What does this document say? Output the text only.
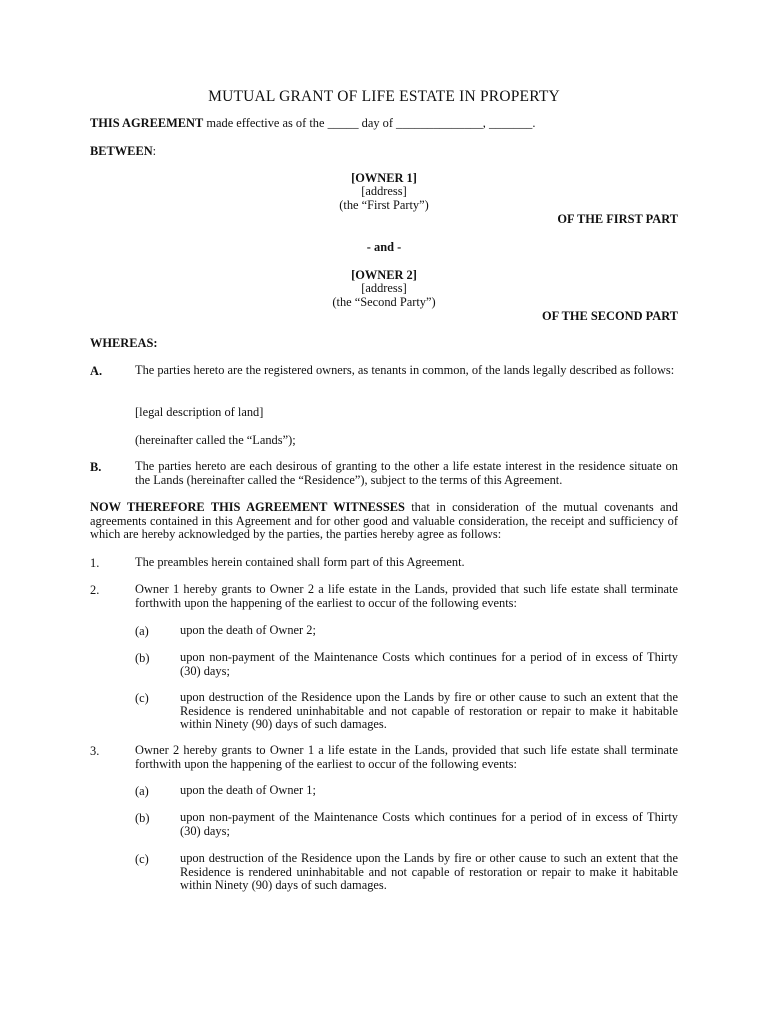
MUTUAL GRANT OF LIFE ESTATE IN PROPERTY
THIS AGREEMENT made effective as of the _____ day of ______________, _______.
BETWEEN:
[OWNER 1]
[address]
(the “First Party”)
OF THE FIRST PART
- and -
[OWNER 2]
[address]
(the “Second Party”)
OF THE SECOND PART
WHEREAS:
A.	The parties hereto are the registered owners, as tenants in common, of the lands legally described as follows:
[legal description of land]
(hereinafter called the “Lands”);
B.	The parties hereto are each desirous of granting to the other a life estate interest in the residence situate on the Lands (hereinafter called the “Residence”), subject to the terms of this Agreement.
NOW THEREFORE THIS AGREEMENT WITNESSES that in consideration of the mutual covenants and agreements contained in this Agreement and for other good and valuable consideration, the receipt and sufficiency of which are hereby acknowledged by the parties, the parties hereby agree as follows:
1.	The preambles herein contained shall form part of this Agreement.
2.	Owner 1 hereby grants to Owner 2 a life estate in the Lands, provided that such life estate shall terminate forthwith upon the happening of the earliest to occur of the following events:
(a)	upon the death of Owner 2;
(b) upon non-payment of the Maintenance Costs which continues for a period of in excess of Thirty (30) days;
(c)	upon destruction of the Residence upon the Lands by fire or other cause to such an extent that the Residence is rendered uninhabitable and not capable of restoration or repair to make it habitable within Ninety (90) days of such damages.
3.	Owner 2 hereby grants to Owner 1 a life estate in the Lands, provided that such life estate shall terminate forthwith upon the happening of the earliest to occur of the following events:
(a)	upon the death of Owner 1;
(b) upon non-payment of the Maintenance Costs which continues for a period of in excess of Thirty (30) days;
(c)	upon destruction of the Residence upon the Lands by fire or other cause to such an extent that the Residence is rendered uninhabitable and not capable of restoration or repair to make it habitable within Ninety (90) days of such damages.
